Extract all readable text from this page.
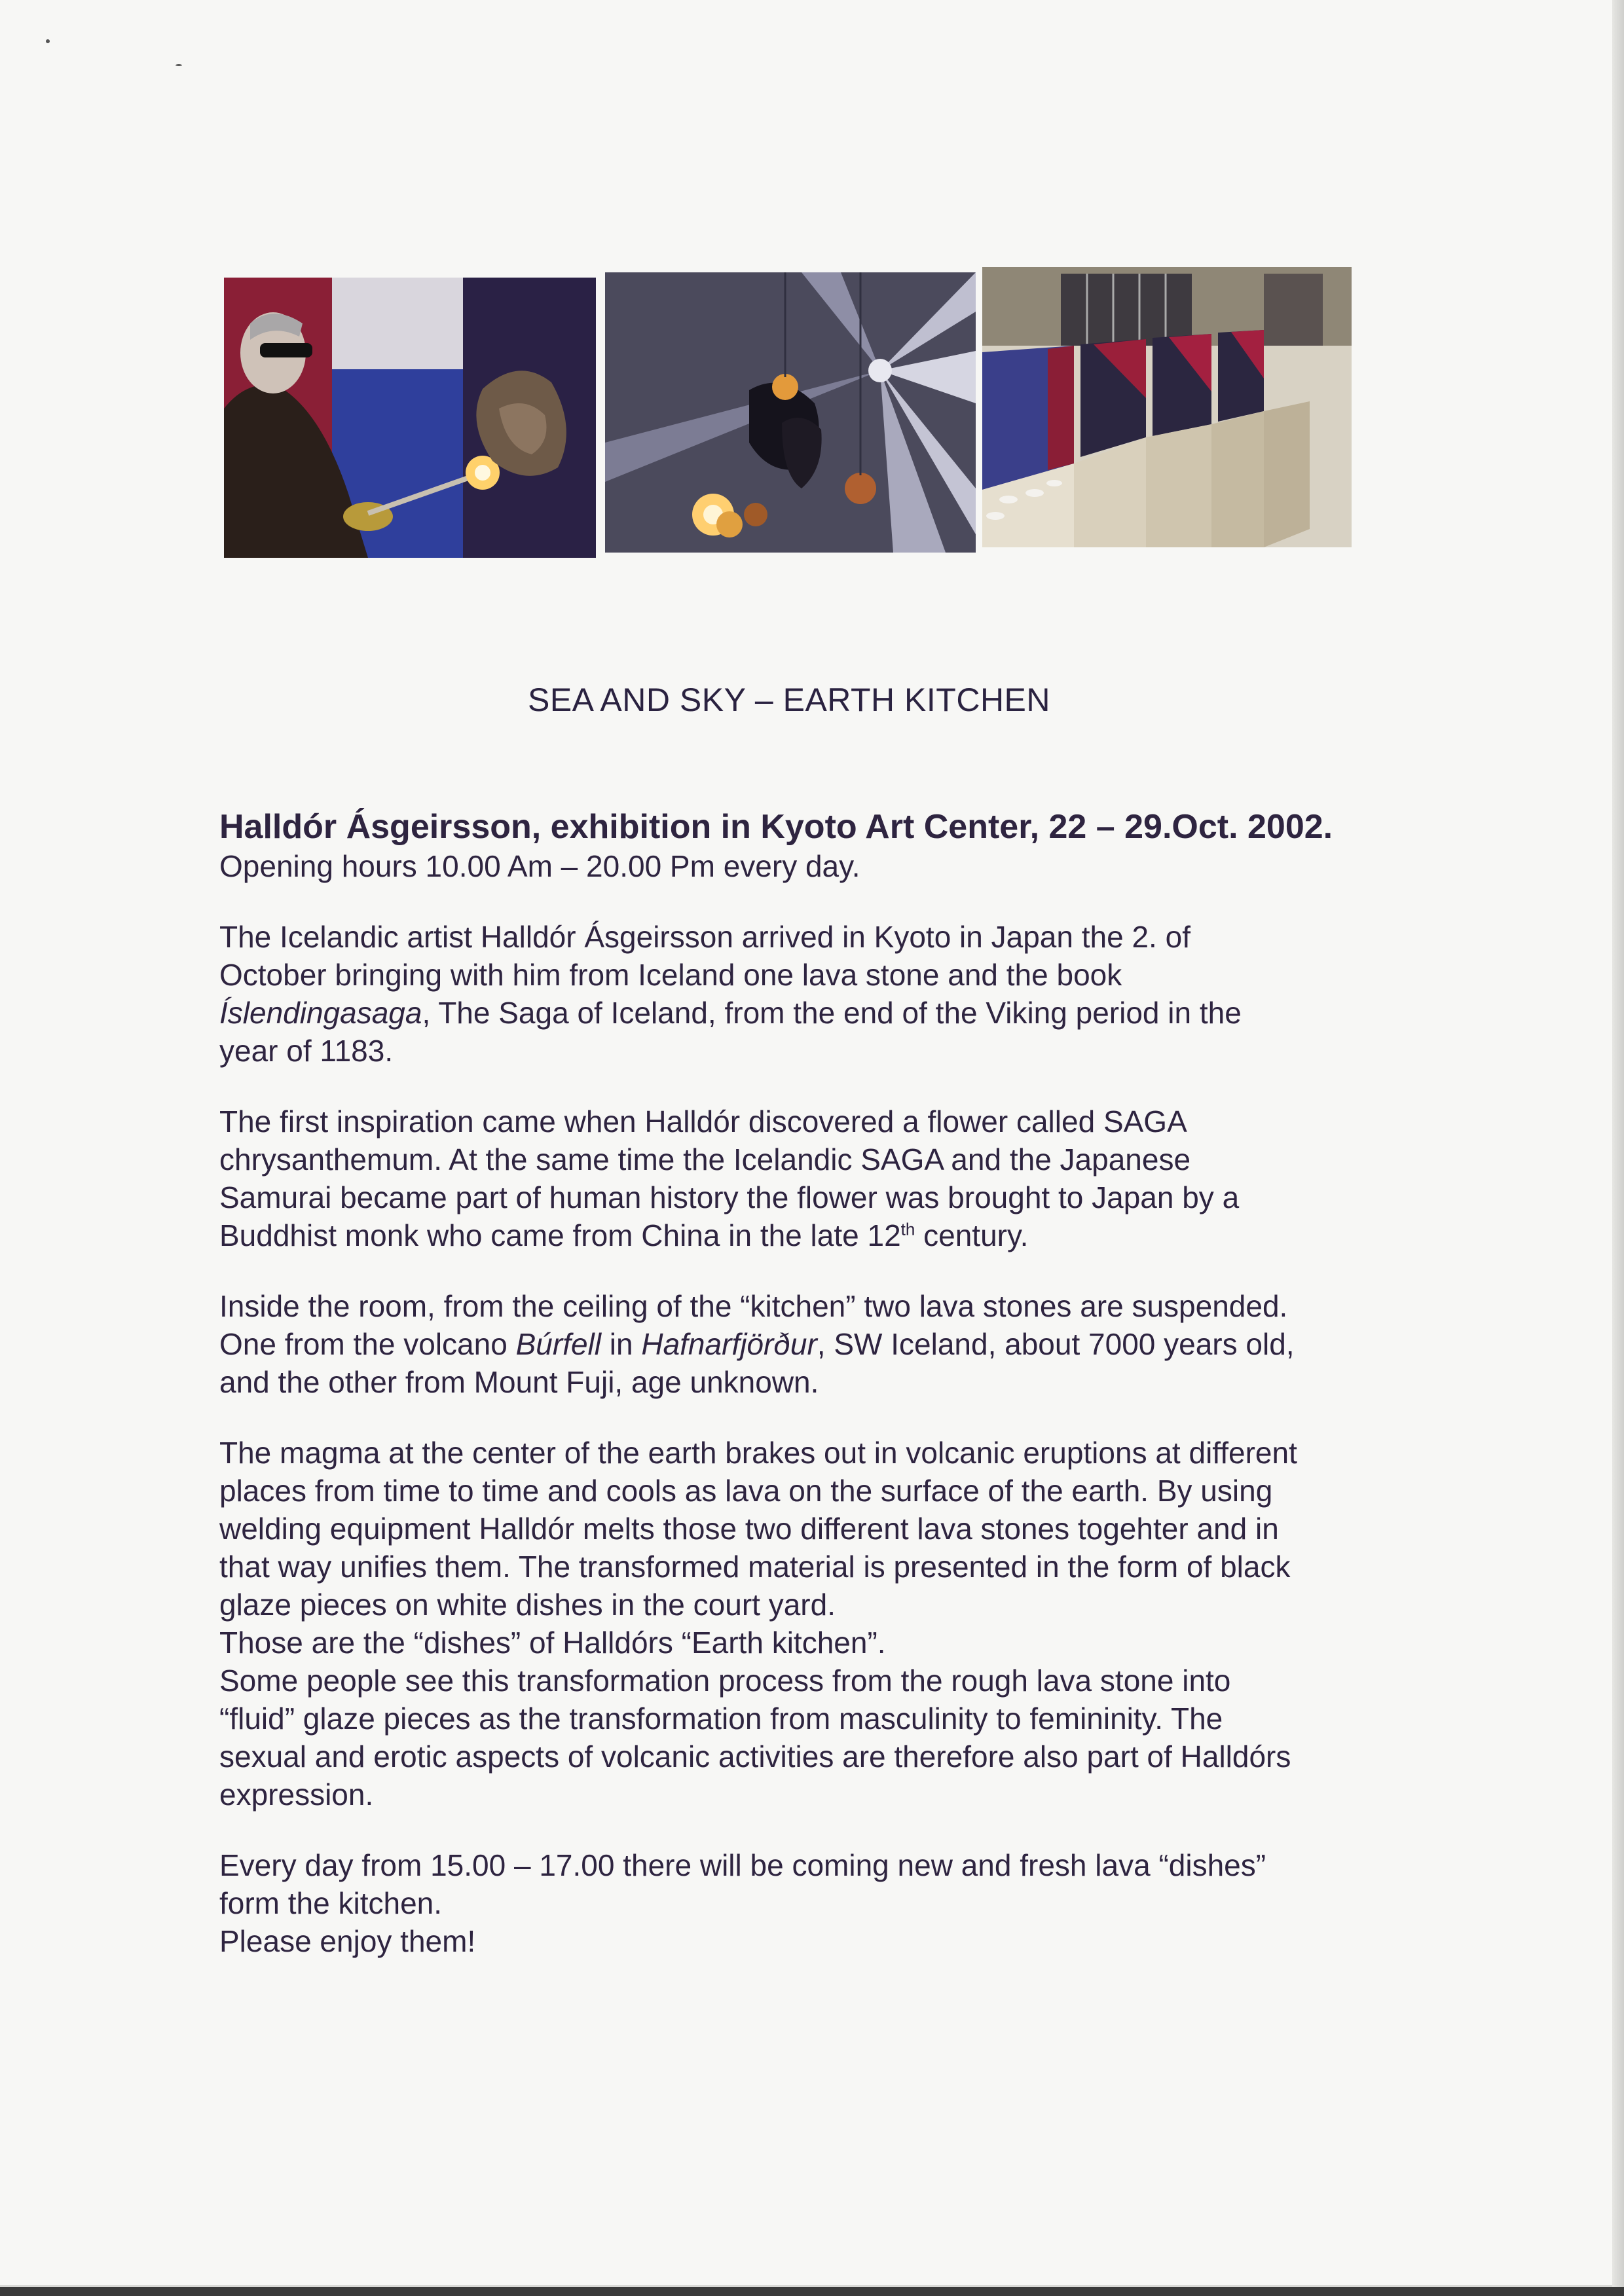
SEA AND SKY – EARTH KITCHEN
Halldór Ásgeirsson, exhibition in Kyoto Art Center, 22 – 29.Oct. 2002.
Opening hours 10.00 Am – 20.00 Pm every day.
The Icelandic artist Halldór Ásgeirsson arrived in Kyoto in Japan the 2. of
October bringing with him from Iceland one lava stone and the book
Íslendingasaga, The Saga of Iceland, from the end of the Viking period in the
year of 1183.
The first inspiration came when Halldór discovered a flower called SAGA
chrysanthemum. At the same time the Icelandic SAGA and the Japanese
Samurai became part of human history the flower was brought to Japan by a
Buddhist monk who came from China in the late 12th century.
Inside the room, from the ceiling of the “kitchen” two lava stones are suspended.
One from the volcano Búrfell in Hafnarfjörður, SW Iceland, about 7000 years old,
and the other from Mount Fuji, age unknown.
The magma at the center of the earth brakes out in volcanic eruptions at different
places from time to time and cools as lava on the surface of the earth. By using
welding equipment Halldór melts those two different lava stones togehter and in
that way unifies them. The transformed material is presented in the form of black
glaze pieces on white dishes in the court yard.
Those are the “dishes” of Halldórs “Earth kitchen”.
Some people see this transformation process from the rough lava stone into
“fluid” glaze pieces as the transformation from masculinity to femininity. The
sexual and erotic aspects of volcanic activities are therefore also part of Halldórs
expression.
Every day from 15.00 – 17.00 there will be coming new and fresh lava “dishes”
form the kitchen.
Please enjoy them!
